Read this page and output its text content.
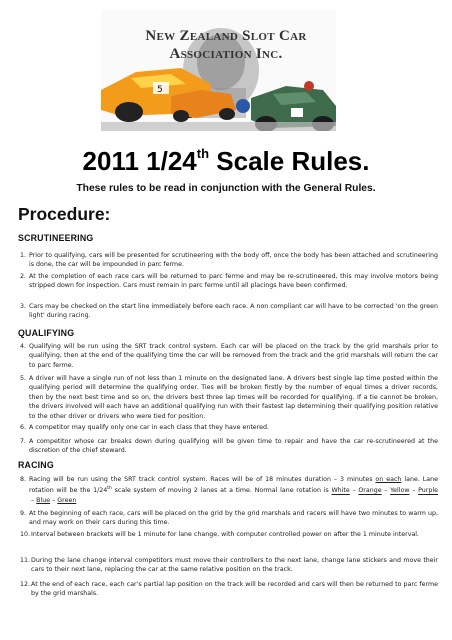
5
New Zealand Slot Car
Association Inc.
2011 1/24th Scale Rules.
These rules to be read in conjunction with the General Rules.
Procedure:
SCRUTINEERING
1. Prior to qualifying, cars will be presented for scrutineering with the body off, once the body has been attached and scrutineering is done, the car will be impounded in parc ferme.
2. At the completion of each race cars will be returned to parc ferme and may be re-scrutineered, this may involve motors being stripped down for inspection. Cars must remain in parc ferme until all placings have been confirmed.
3. Cars may be checked on the start line immediately before each race. A non compliant car will have to be corrected 'on the green light' during racing.
QUALIFYING
4. Qualifying will be run using the SRT track control system. Each car will be placed on the track by the grid marshals prior to qualifying, then at the end of the qualifying time the car will be removed from the track and the grid marshals will return the car to parc ferme.
5. A driver will have a single run of not less than 1 minute on the designated lane. A drivers best single lap time posted within the qualifying period will determine the qualifying order. Ties will be broken firstly by the number of equal times a driver records, then by the next best time and so on, the drivers best three lap times will be recorded for qualifying. If a tie cannot be broken, the drivers involved will each have an additional qualifying run with their fastest lap determining their qualifying position relative to the other driver or drivers who were tied for position.
6. A competitor may qualify only one car in each class that they have entered.
7. A competitor whose car breaks down during qualifying will be given time to repair and have the car re-scrutineered at the discretion of the chief steward.
RACING
8. Racing will be run using the SRT track control system. Races will be of 18 minutes duration – 3 minutes on each lane. Lane rotation will be the 1/24th scale system of moving 2 lanes at a time. Normal lane rotation is White – Orange – Yellow – Purple – Blue – Green
9. At the beginning of each race, cars will be placed on the grid by the grid marshals and racers will have two minutes to warm up, and may work on their cars during this time.
10. Interval between brackets will be 1 minute for lane change, with computer controlled power on after the 1 minute interval.
11. During the lane change interval competitors must move their controllers to the next lane, change lane stickers and move their cars to their next lane, replacing the car at the same relative position on the track.
12. At the end of each race, each car's partial lap position on the track will be recorded and cars will then be returned to parc ferme by the grid marshals.
